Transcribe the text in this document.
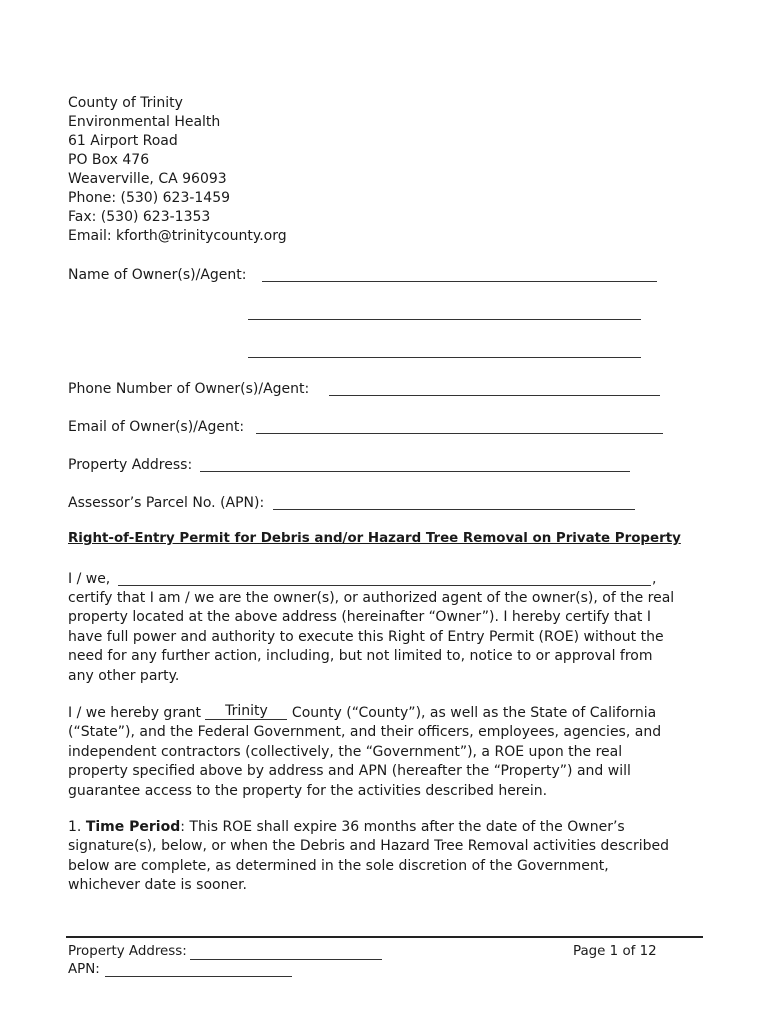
County of Trinity
Environmental Health
61 Airport Road
PO Box 476
Weaverville, CA 96093
Phone: (530) 623-1459
Fax: (530) 623-1353
Email: kforth@trinitycounty.org
Name of Owner(s)/Agent:
Phone Number of Owner(s)/Agent:
Email of Owner(s)/Agent:
Property Address:
Assessor’s Parcel No. (APN):
Right-of-Entry Permit for Debris and/or Hazard Tree Removal on Private Property
I / we,	,

certify that I am / we are the owner(s), or authorized agent of the owner(s), of the real

property located at the above address (hereinafter “Owner”). I hereby certify that I

have full power and authority to execute this Right of Entry Permit (ROE) without the

need for any further action, including, but not limited to, notice to or approval from

any other party.

I / we hereby grant Trinity County (“County”), as well as the State of California

(“State”), and the Federal Government, and their officers, employees, agencies, and

independent contractors (collectively, the “Government”), a ROE upon the real

property specified above by address and APN (hereafter the “Property”) and will

guarantee access to the property for the activities described herein.

1. Time Period: This ROE shall expire 36 months after the date of the Owner’s

signature(s), below, or when the Debris and Hazard Tree Removal activities described

below are complete, as determined in the sole discretion of the Government,

whichever date is sooner.

Property Address:
APN:
Page 1 of 12
